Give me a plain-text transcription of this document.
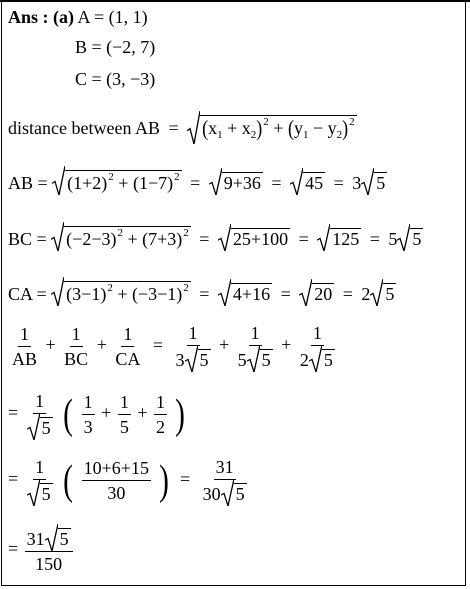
Ans : (a) A = (1, 1)
B = (−2, 7)
C = (3, −3)
distance between AB = $(x_1 + x_2)^2 + (y_1 - y_2)^2$
AB = $(1+2)^2 + (1-7)^2 = 9+36 = 45 = 3$ 5
BC = $(-2-3)^2 + (7+3)^2 = 25+100 = 125 = 5$ 5
CA = $(3-1)^2 + (-3-1)^2 = 4+16 = 20 = 2$ 5
$\frac{1}{AB} + \frac{1}{BC} + \frac{1}{CA} = \frac{1}{3 5} + \frac{1}{5 5} + \frac{1}{2 5}$
= $\frac{1}{5}$ ( $\frac{1}{3} + \frac{1}{5} + \frac{1}{2}$ )
= $\frac{1}{5}$ ( $\frac{10+6+15}{30}$ ) = $\frac{31}{30 5}$
= $\frac{31 5}{150}$
